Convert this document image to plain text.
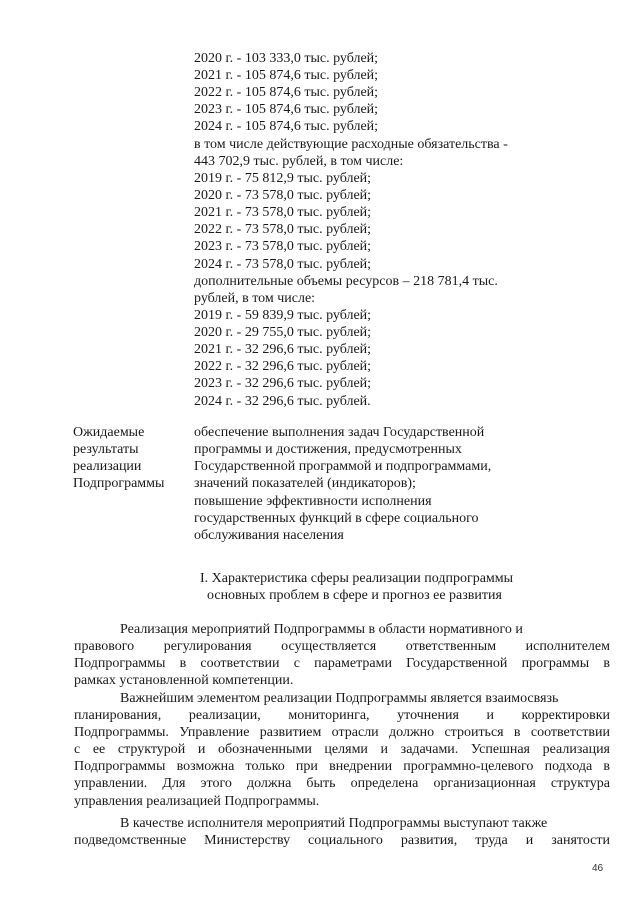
2020 г. - 103 333,0 тыс. рублей;
2021 г. - 105 874,6 тыс. рублей;
2022 г. - 105 874,6 тыс. рублей;
2023 г. - 105 874,6 тыс. рублей;
2024 г. - 105 874,6 тыс. рублей;
в том числе действующие расходные обязательства -
443 702,9 тыс. рублей, в том числе:
2019 г. - 75 812,9 тыс. рублей;
2020 г. - 73 578,0 тыс. рублей;
2021 г. - 73 578,0 тыс. рублей;
2022 г. - 73 578,0 тыс. рублей;
2023 г. - 73 578,0 тыс. рублей;
2024 г. - 73 578,0 тыс. рублей;
дополнительные объемы ресурсов – 218 781,4 тыс.
рублей, в том числе:
2019 г. - 59 839,9 тыс. рублей;
2020 г. - 29 755,0 тыс. рублей;
2021 г. - 32 296,6 тыс. рублей;
2022 г. - 32 296,6 тыс. рублей;
2023 г. - 32 296,6 тыс. рублей;
2024 г. - 32 296,6 тыс. рублей.
Ожидаемые
результаты
реализации
Подпрограммы
обеспечение выполнения задач Государственной
программы и достижения, предусмотренных
Государственной программой и подпрограммами,
значений показателей (индикаторов);
повышение эффективности исполнения
государственных функций в сфере социального
обслуживания населения
I. Характеристика сферы реализации подпрограммы
основных проблем в сфере и прогноз ее развития
Реализация мероприятий Подпрограммы в области нормативного и
правового регулирования осуществляется ответственным исполнителем
Подпрограммы в соответствии с параметрами Государственной программы в
рамках установленной компетенции.
Важнейшим элементом реализации Подпрограммы является взаимосвязь
планирования, реализации, мониторинга, уточнения и корректировки
Подпрограммы. Управление развитием отрасли должно строиться в соответствии
с ее структурой и обозначенными целями и задачами. Успешная реализация
Подпрограммы возможна только при внедрении программно-целевого подхода в
управлении. Для этого должна быть определена организационная структура
управления реализацией Подпрограммы.
В качестве исполнителя мероприятий Подпрограммы выступают также
подведомственные Министерству социального развития, труда и занятости
46
